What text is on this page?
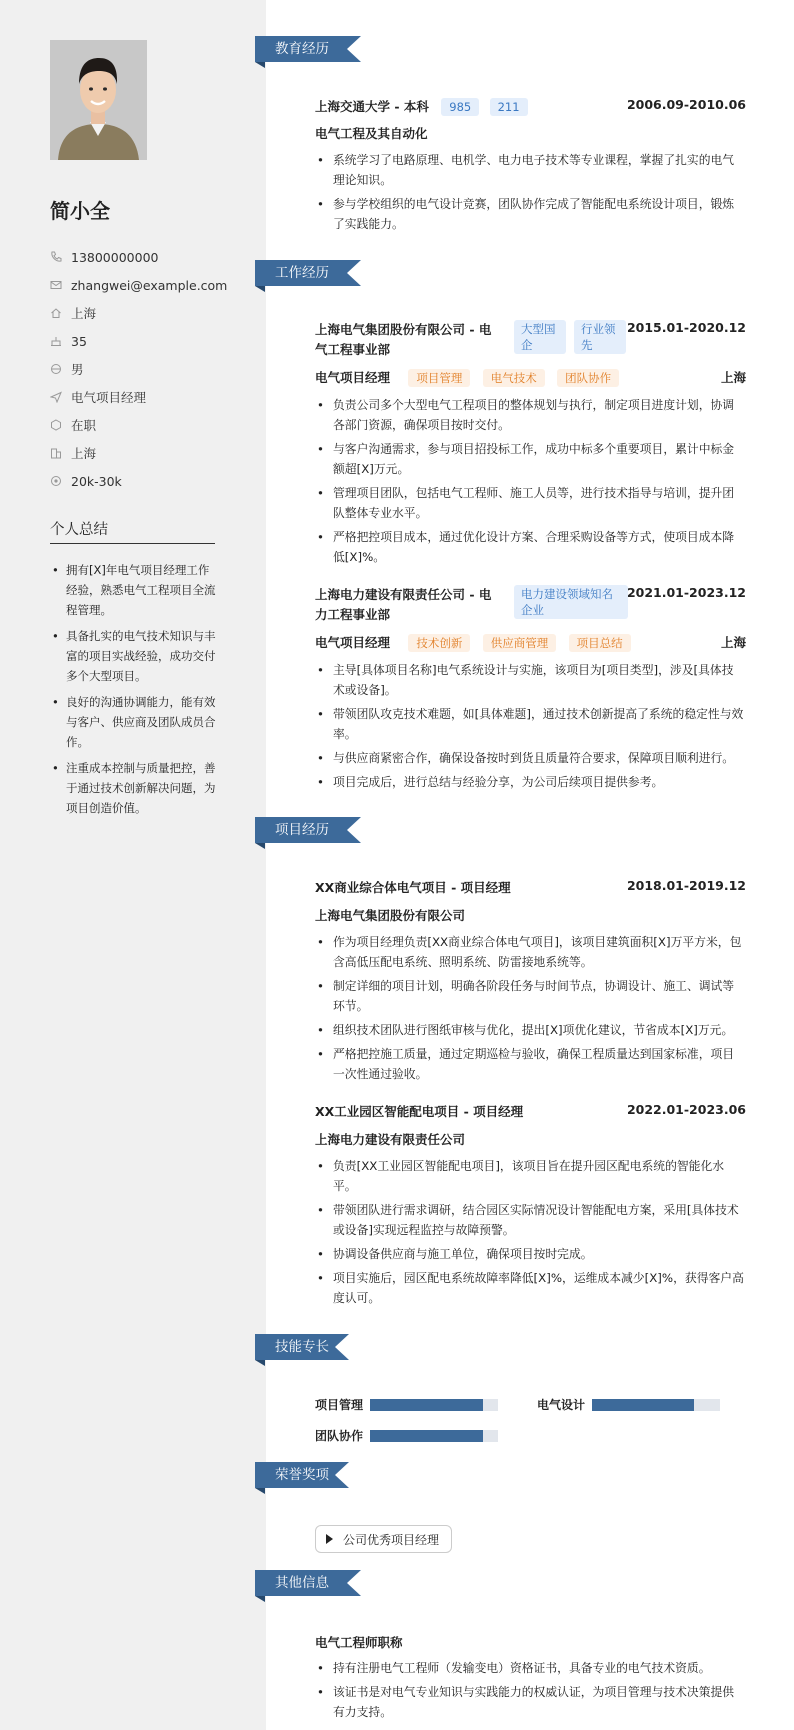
简小全
13800000000
zhangwei@example.com
上海
35
男
电气项目经理
在职
上海
20k-30k
个人总结
• 拥有[X]年电气项目经理工作经验，熟悉电气工程项目全流程管理。
• 具备扎实的电气技术知识与丰富的项目实战经验，成功交付多个大型项目。
• 良好的沟通协调能力，能有效与客户、供应商及团队成员合作。
• 注重成本控制与质量把控，善于通过技术创新解决问题，为项目创造价值。
教育经历
上海交通大学 - 本科 985 211	2006.09-2010.06
电气工程及其自动化
• 系统学习了电路原理、电机学、电力电子技术等专业课程，掌握了扎实的电气理论知识。
• 参与学校组织的电气设计竞赛，团队协作完成了智能配电系统设计项目，锻炼了实践能力。
工作经历
上海电气集团股份有限公司 - 电气工程事业部
大型国企
行业领先
2015.01-2020.12
电气项目经理 项目管理 电气技术 团队协作	上海
• 负责公司多个大型电气工程项目的整体规划与执行，制定项目进度计划，协调各部门资源，确保项目按时交付。
• 与客户沟通需求，参与项目招投标工作，成功中标多个重要项目，累计中标金额超[X]万元。
• 管理项目团队，包括电气工程师、施工人员等，进行技术指导与培训，提升团队整体专业水平。
• 严格把控项目成本，通过优化设计方案、合理采购设备等方式，使项目成本降低[X]%。
上海电力建设有限责任公司 - 电力工程事业部
电力建设领域知名企业
2021.01-2023.12
电气项目经理 技术创新 供应商管理 项目总结	上海
• 主导[具体项目名称]电气系统设计与实施，该项目为[项目类型]，涉及[具体技术或设备]。
• 带领团队攻克技术难题，如[具体难题]，通过技术创新提高了系统的稳定性与效率。
• 与供应商紧密合作，确保设备按时到货且质量符合要求，保障项目顺利进行。
• 项目完成后，进行总结与经验分享，为公司后续项目提供参考。
项目经历
XX商业综合体电气项目 - 项目经理	2018.01-2019.12
上海电气集团股份有限公司
• 作为项目经理负责[XX商业综合体电气项目]，该项目建筑面积[X]万平方米，包含高低压配电系统、照明系统、防雷接地系统等。
• 制定详细的项目计划，明确各阶段任务与时间节点，协调设计、施工、调试等环节。
• 组织技术团队进行图纸审核与优化，提出[X]项优化建议，节省成本[X]万元。
• 严格把控施工质量，通过定期巡检与验收，确保工程质量达到国家标准，项目一次性通过验收。
XX工业园区智能配电项目 - 项目经理	2022.01-2023.06
上海电力建设有限责任公司
• 负责[XX工业园区智能配电项目]，该项目旨在提升园区配电系统的智能化水平。
• 带领团队进行需求调研，结合园区实际情况设计智能配电方案，采用[具体技术或设备]实现远程监控与故障预警。
• 协调设备供应商与施工单位，确保项目按时完成。
• 项目实施后，园区配电系统故障率降低[X]%，运维成本减少[X]%，获得客户高度认可。
技能专长
项目管理	电气设计
团队协作
荣誉奖项
公司优秀项目经理
其他信息
电气工程师职称
• 持有注册电气工程师（发输变电）资格证书，具备专业的电气技术资质。
• 该证书是对电气专业知识与实践能力的权威认证，为项目管理与技术决策提供有力支持。
